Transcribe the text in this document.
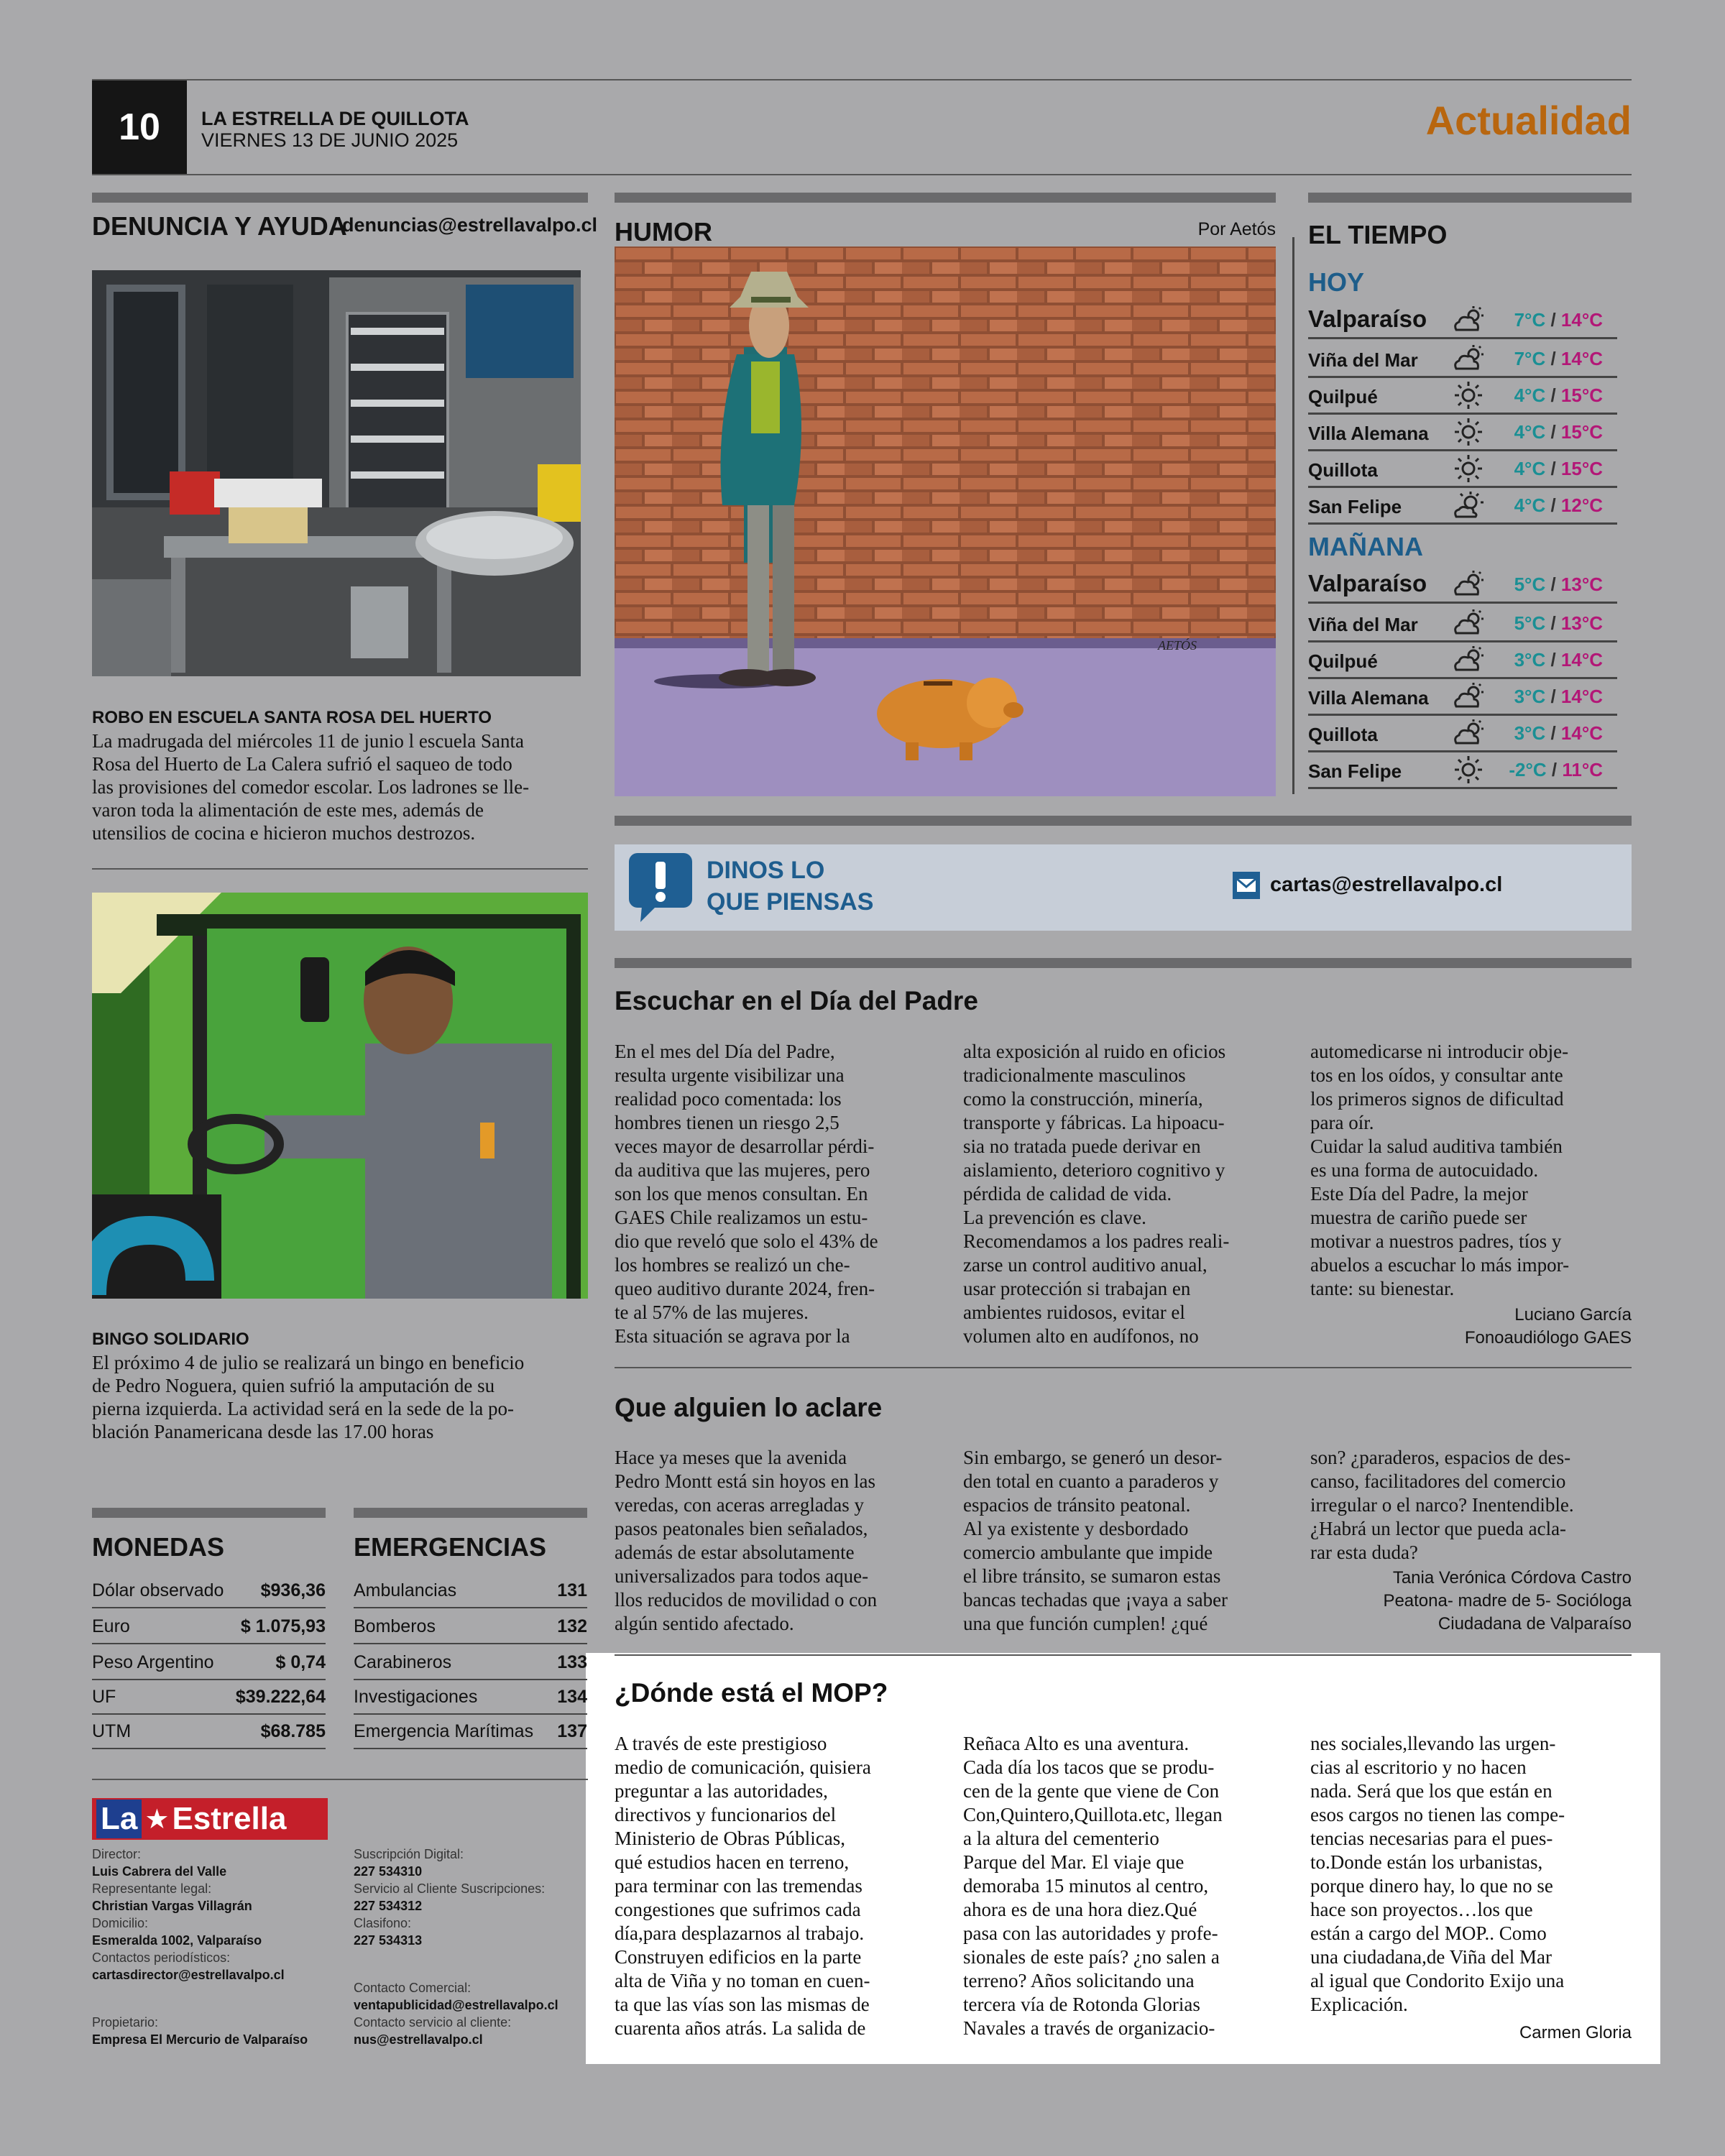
10	LA ESTRELLA DE QUILLOTA
VIERNES 13 DE JUNIO 2025	Actualidad
DENUNCIA Y AYUDA
denuncias@estrellavalpo.cl
ROBO EN ESCUELA SANTA ROSA DEL HUERTO
La madrugada del miércoles 11 de junio l escuela Santa
Rosa del Huerto de La Calera sufrió el saqueo de todo
las provisiones del comedor escolar. Los ladrones se lle-
varon toda la alimentación de este mes, además de
utensilios de cocina e hicieron muchos destrozos.
BINGO SOLIDARIO
El próximo 4 de julio se realizará un bingo en beneficio
de Pedro Noguera, quien sufrió la amputación de su
pierna izquierda. La actividad será en la sede de la po-
blación Panamericana desde las 17.00 horas
MONEDAS
Dólar observado $936,36
Euro	$ 1.075,93
Peso Argentino	$ 0,74
UF	$39.222,64
UTM	$68.785
EMERGENCIAS
Ambulancias	131
Bomberos	132
Carabineros	133
Investigaciones	134
Emergencia Marítimas 137
La ★ Estrella
Director:
Luis Cabrera del Valle
Representante legal:
Christian Vargas Villagrán
Domicilio:
Esmeralda 1002, Valparaíso
Contactos periodísticos:
cartasdirector@estrellavalpo.cl
Propietario:
Empresa El Mercurio de Valparaíso
Suscripción Digital:
227 534310
Servicio al Cliente Suscripciones:
227 534312
Clasifono:
227 534313
Contacto Comercial:
ventapublicidad@estrellavalpo.cl
Contacto servicio al cliente:
nus@estrellavalpo.cl
HUMOR	Por Aetós
AETÓS
EL TIEMPO
HOY
Valparaíso	7°C / 14°C
Viña del Mar	7°C / 14°C
Quilpué	4°C / 15°C
Villa Alemana	4°C / 15°C
Quillota	4°C / 15°C
San Felipe	4°C / 12°C
MAÑANA
Valparaíso	5°C / 13°C
Viña del Mar	5°C / 13°C
Quilpué	3°C / 14°C
Villa Alemana	3°C / 14°C
Quillota	3°C / 14°C
San Felipe	-2°C / 11°C
DINOS LO
QUE PIENSAS
cartas@estrellavalpo.cl
Escuchar en el Día del Padre
En el mes del Día del Padre,
resulta urgente visibilizar una
realidad poco comentada: los
hombres tienen un riesgo 2,5
veces mayor de desarrollar pérdi-
da auditiva que las mujeres, pero
son los que menos consultan. En
GAES Chile realizamos un estu-
dio que reveló que solo el 43% de
los hombres se realizó un che-
queo auditivo durante 2024, fren-
te al 57% de las mujeres.
Esta situación se agrava por la
alta exposición al ruido en oficios
tradicionalmente masculinos
como la construcción, minería,
transporte y fábricas. La hipoacu-
sia no tratada puede derivar en
aislamiento, deterioro cognitivo y
pérdida de calidad de vida.
La prevención es clave.
Recomendamos a los padres reali-
zarse un control auditivo anual,
usar protección si trabajan en
ambientes ruidosos, evitar el
volumen alto en audífonos, no
automedicarse ni introducir obje-
tos en los oídos, y consultar ante
los primeros signos de dificultad
para oír.
Cuidar la salud auditiva también
es una forma de autocuidado.
Este Día del Padre, la mejor
muestra de cariño puede ser
motivar a nuestros padres, tíos y
abuelos a escuchar lo más impor-
tante: su bienestar.
Luciano García
Fonoaudiólogo GAES
Que alguien lo aclare
Hace ya meses que la avenida
Pedro Montt está sin hoyos en las
veredas, con aceras arregladas y
pasos peatonales bien señalados,
además de estar absolutamente
universalizados para todos aque-
llos reducidos de movilidad o con
algún sentido afectado.
Sin embargo, se generó un desor-
den total en cuanto a paraderos y
espacios de tránsito peatonal.
Al ya existente y desbordado
comercio ambulante que impide
el libre tránsito, se sumaron estas
bancas techadas que ¡vaya a saber
una que función cumplen! ¿qué
son? ¿paraderos, espacios de des-
canso, facilitadores del comercio
irregular o el narco? Inentendible.
¿Habrá un lector que pueda acla-
rar esta duda?
Tania Verónica Córdova Castro
Peatona- madre de 5- Socióloga
Ciudadana de Valparaíso
¿Dónde está el MOP?
A través de este prestigioso
medio de comunicación, quisiera
preguntar a las autoridades,
directivos y funcionarios del
Ministerio de Obras Públicas,
qué estudios hacen en terreno,
para terminar con las tremendas
congestiones que sufrimos cada
día,para desplazarnos al trabajo.
Construyen edificios en la parte
alta de Viña y no toman en cuen-
ta que las vías son las mismas de
cuarenta años atrás. La salida de
Reñaca Alto es una aventura.
Cada día los tacos que se produ-
cen de la gente que viene de Con
Con,Quintero,Quillota.etc, llegan
a la altura del cementerio
Parque del Mar. El viaje que
demoraba 15 minutos al centro,
ahora es de una hora diez.Qué
pasa con las autoridades y profe-
sionales de este país? ¿no salen a
terreno? Años solicitando una
tercera vía de Rotonda Glorias
Navales a través de organizacio-
nes sociales,llevando las urgen-
cias al escritorio y no hacen
nada. Será que los que están en
esos cargos no tienen las compe-
tencias necesarias para el pues-
to.Donde están los urbanistas,
porque dinero hay, lo que no se
hace son proyectos…los que
están a cargo del MOP.. Como
una ciudadana,de Viña del Mar
al igual que Condorito Exijo una
Explicación.
Carmen Gloria
